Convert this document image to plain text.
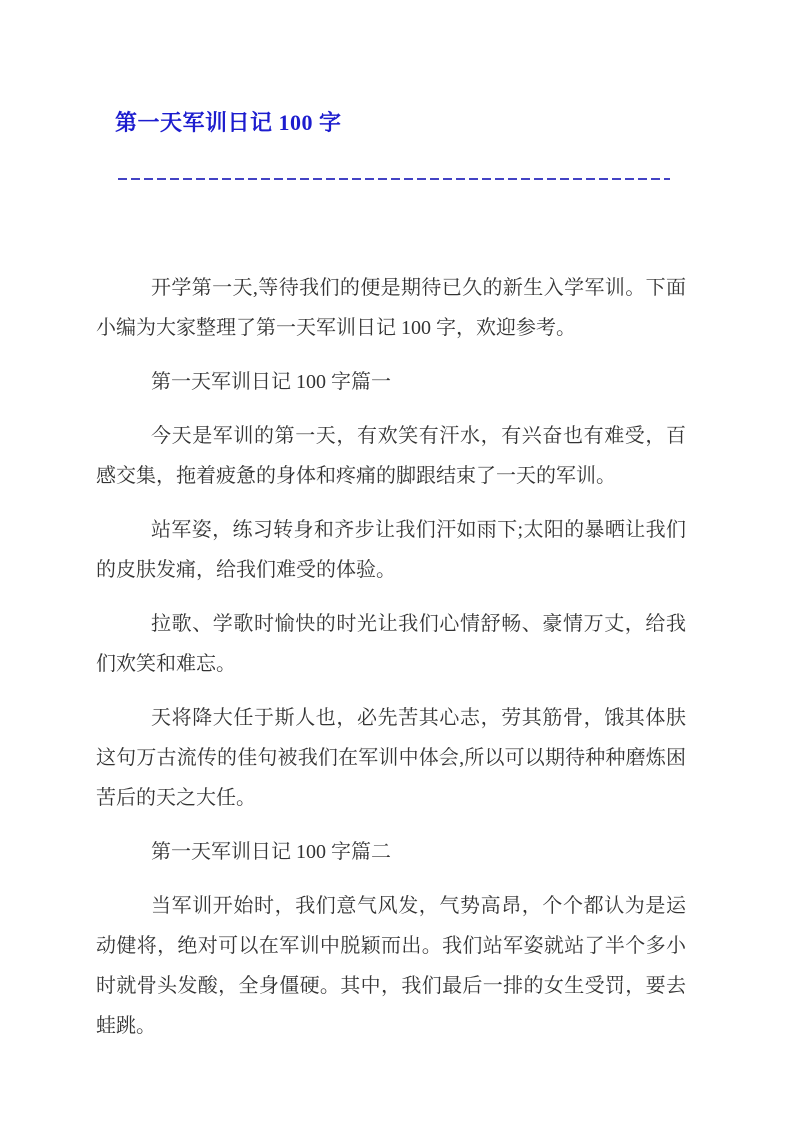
第一天军训日记 100 字

开学第一天,等待我们的便是期待已久的新生入学军训。下面小编为大家整理了第一天军训日记 100 字，欢迎参考。

第一天军训日记 100 字篇一

今天是军训的第一天，有欢笑有汗水，有兴奋也有难受，百感交集，拖着疲惫的身体和疼痛的脚跟结束了一天的军训。

站军姿，练习转身和齐步让我们汗如雨下;太阳的暴晒让我们的皮肤发痛，给我们难受的体验。

拉歌、学歌时愉快的时光让我们心情舒畅、豪情万丈，给我们欢笑和难忘。

天将降大任于斯人也，必先苦其心志，劳其筋骨，饿其体肤这句万古流传的佳句被我们在军训中体会,所以可以期待种种磨炼困苦后的天之大任。

第一天军训日记 100 字篇二

当军训开始时，我们意气风发，气势高昂，个个都认为是运动健将，绝对可以在军训中脱颖而出。我们站军姿就站了半个多小时就骨头发酸，全身僵硬。其中，我们最后一排的女生受罚，要去蛙跳。
